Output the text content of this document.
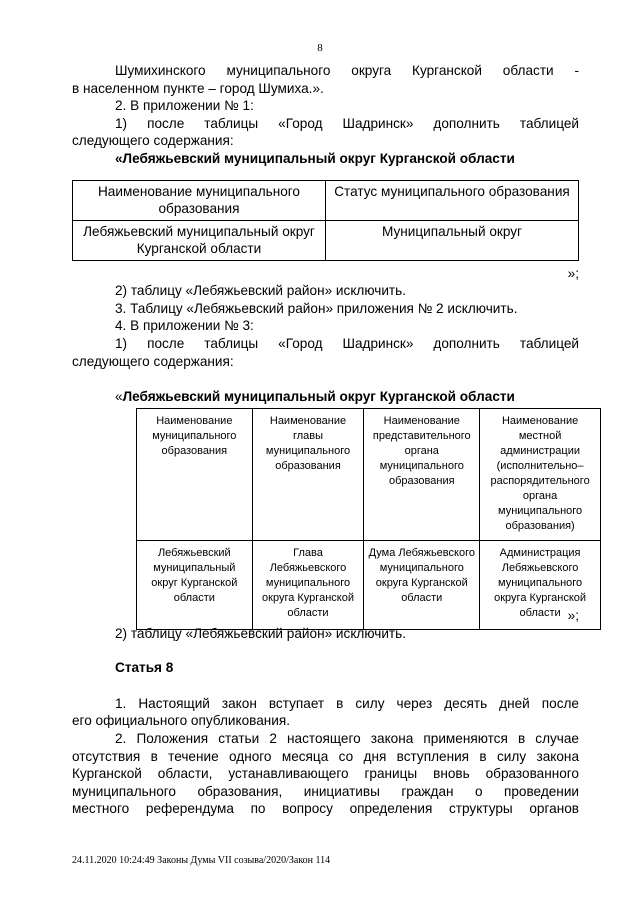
8

Шумихинского муниципального округа Курганской области -

в населенном пункте – город Шумиха.».

2. В приложении № 1:

1) после таблицы «Город Шадринск» дополнить таблицей

следующего содержания:

«Лебяжьевский муниципальный округ Курганской области

Наименование муниципального образования	Статус муниципального образования
Лебяжьевский муниципальный округ Курганской области	Муниципальный округ

»;

2) таблицу «Лебяжьевский район» исключить.

3. Таблицу «Лебяжьевский район» приложения № 2 исключить.

4. В приложении № 3:

1) после таблицы «Город Шадринск» дополнить таблицей

следующего содержания:

«Лебяжьевский муниципальный округ Курганской области

Наименование муниципального образования	Наименование главы муниципального образования	Наименование представительного органа муниципального образования	Наименование местной администрации (исполнительно–распорядительного органа муниципального образования)
Лебяжьевский муниципальный округ Курганской области	Глава Лебяжьевского муниципального округа Курганской области	Дума Лебяжьевского муниципального округа Курганской области	Администрация Лебяжьевского муниципального округа Курганской области »;

2) таблицу «Лебяжьевский район» исключить.

Статья 8

1. Настоящий закон вступает в силу через десять дней после

его официального опубликования.

2. Положения статьи 2 настоящего закона применяются в случае

отсутствия в течение одного месяца со дня вступления в силу закона

Курганской области, устанавливающего границы вновь образованного

муниципального образования, инициативы граждан о проведении

местного референдума по вопросу определения структуры органов

24.11.2020 10:24:49 Законы Думы VII созыва/2020/Закон 114
